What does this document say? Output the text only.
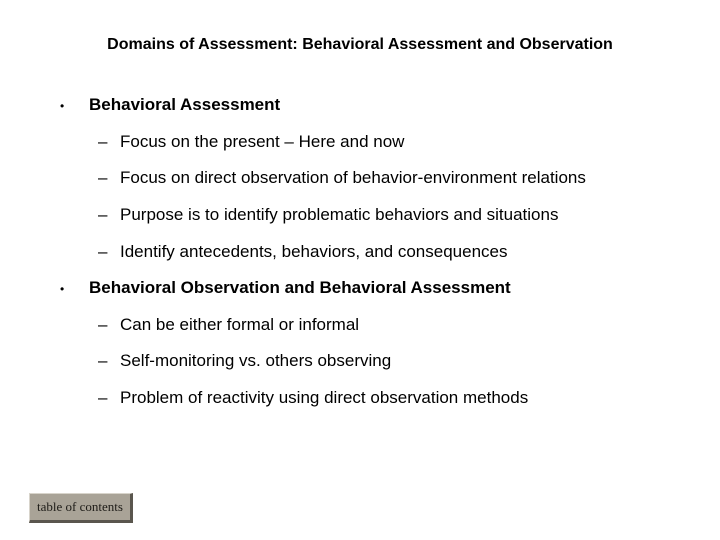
Domains of Assessment: Behavioral Assessment and Observation
• Behavioral Assessment
– Focus on the present – Here and now
– Focus on direct observation of behavior-environment relations
– Purpose is to identify problematic behaviors and situations
– Identify antecedents, behaviors, and consequences
• Behavioral Observation and Behavioral Assessment
– Can be either formal or informal
– Self-monitoring vs. others observing
– Problem of reactivity using direct observation methods
table of contents
